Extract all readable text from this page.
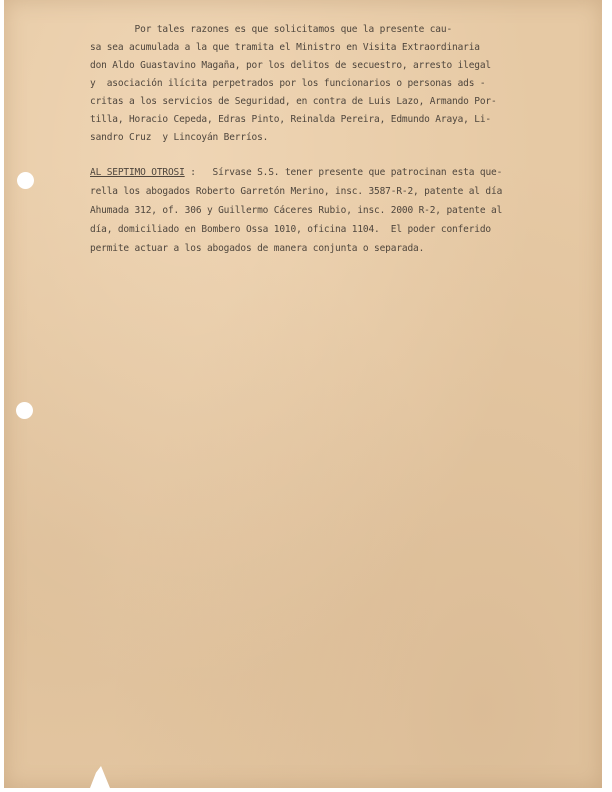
Por tales razones es que solicitamos que la presente cau-

sa sea acumulada a la que tramita el Ministro en Visita Extraordinaria

don Aldo Guastavino Magaña, por los delitos de secuestro, arresto ilegal

y  asociación ilícita perpetrados por los funcionarios o personas ads -

critas a los servicios de Seguridad, en contra de Luis Lazo, Armando Por-

tilla, Horacio Cepeda, Edras Pinto, Reinalda Pereira, Edmundo Araya, Li-

sandro Cruz  y Lincoyán Berríos.

AL SEPTIMO OTROSI :   Sírvase S.S. tener presente que patrocinan esta que-

rella los abogados Roberto Garretón Merino, insc. 3587-R-2, patente al día

Ahumada 312, of. 306 y Guillermo Cáceres Rubio, insc. 2000 R-2, patente al

día, domiciliado en Bombero Ossa 1010, oficina 1104.  El poder conferido

permite actuar a los abogados de manera conjunta o separada.
